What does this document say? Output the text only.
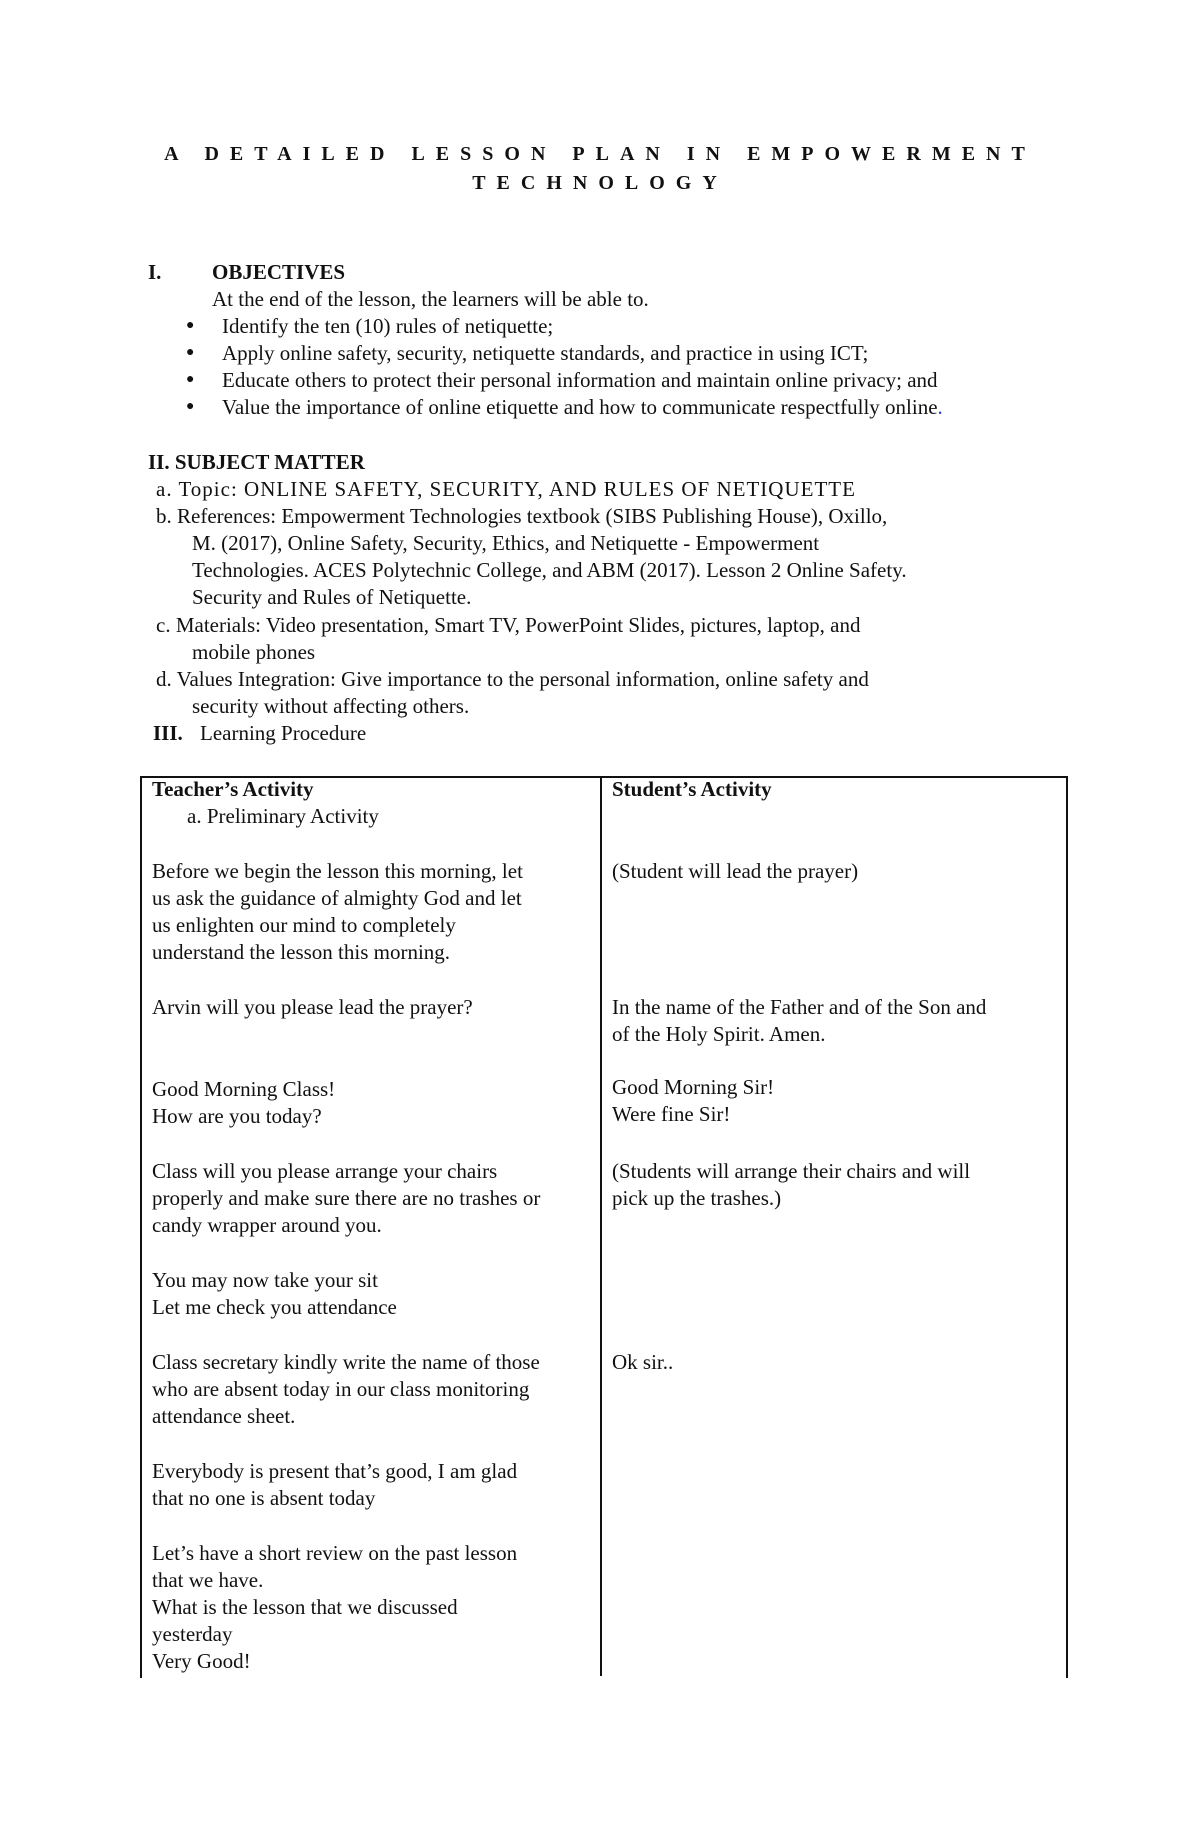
A DETAILED LESSON PLAN IN EMPOWERMENT
TECHNOLOGY
I. OBJECTIVES
At the end of the lesson, the learners will be able to.
● Identify the ten (10) rules of netiquette;
● Apply online safety, security, netiquette standards, and practice in using ICT;
● Educate others to protect their personal information and maintain online privacy; and
● Value the importance of online etiquette and how to communicate respectfully online.
II. SUBJECT MATTER
a. Topic: ONLINE SAFETY, SECURITY, AND RULES OF NETIQUETTE
b. References: Empowerment Technologies textbook (SIBS Publishing House), Oxillo,
M. (2017), Online Safety, Security, Ethics, and Netiquette - Empowerment
Technologies. ACES Polytechnic College, and ABM (2017). Lesson 2 Online Safety.
Security and Rules of Netiquette.
c. Materials: Video presentation, Smart TV, PowerPoint Slides, pictures, laptop, and
mobile phones
d. Values Integration: Give importance to the personal information, online safety and
security without affecting others.
III. Learning Procedure
Teacher’s Activity	Student’s Activity
a. Preliminary Activity
Before we begin the lesson this morning, let
us ask the guidance of almighty God and let
us enlighten our mind to completely
understand the lesson this morning.
Arvin will you please lead the prayer?
Good Morning Class!
How are you today?
Class will you please arrange your chairs
properly and make sure there are no trashes or
candy wrapper around you.
You may now take your sit
Let me check you attendance
Class secretary kindly write the name of those
who are absent today in our class monitoring
attendance sheet.
Everybody is present that’s good, I am glad
that no one is absent today
Let’s have a short review on the past lesson
that we have.
What is the lesson that we discussed
yesterday
Very Good!
(Student will lead the prayer)
In the name of the Father and of the Son and
of the Holy Spirit. Amen.
Good Morning Sir!
Were fine Sir!
(Students will arrange their chairs and will
pick up the trashes.)
Ok sir..
